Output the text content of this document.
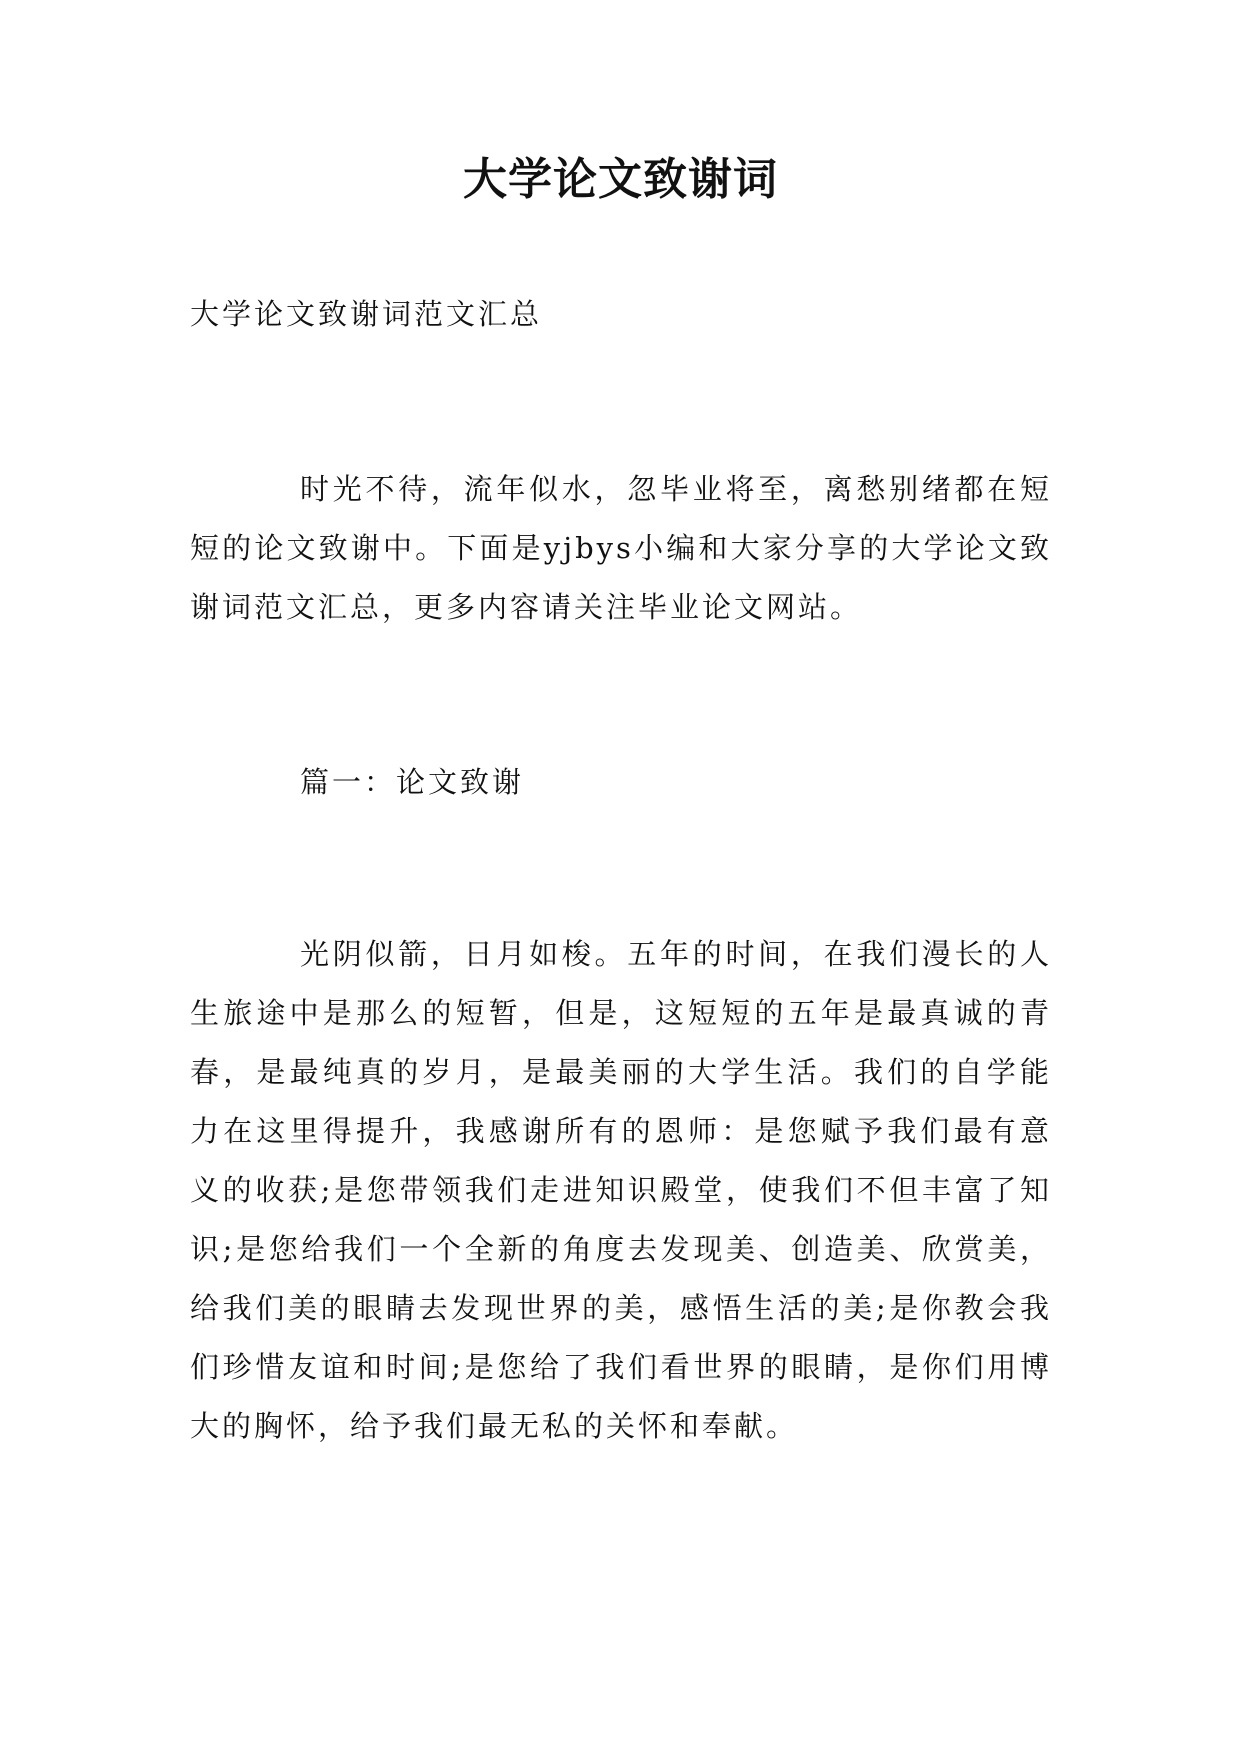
大学论文致谢词

大学论文致谢词范文汇总

时光不待，流年似水，忽毕业将至，离愁别绪都在短短的论文致谢中。下面是yjbys小编和大家分享的大学论文致谢词范文汇总，更多内容请关注毕业论文网站。

篇一：论文致谢

光阴似箭，日月如梭。五年的时间，在我们漫长的人生旅途中是那么的短暂，但是，这短短的五年是最真诚的青春，是最纯真的岁月，是最美丽的大学生活。我们的自学能力在这里得提升，我感谢所有的恩师：是您赋予我们最有意义的收获;是您带领我们走进知识殿堂，使我们不但丰富了知识;是您给我们一个全新的角度去发现美、创造美、欣赏美，给我们美的眼睛去发现世界的美，感悟生活的美;是你教会我们珍惜友谊和时间;是您给了我们看世界的眼睛，是你们用博大的胸怀，给予我们最无私的关怀和奉献。
